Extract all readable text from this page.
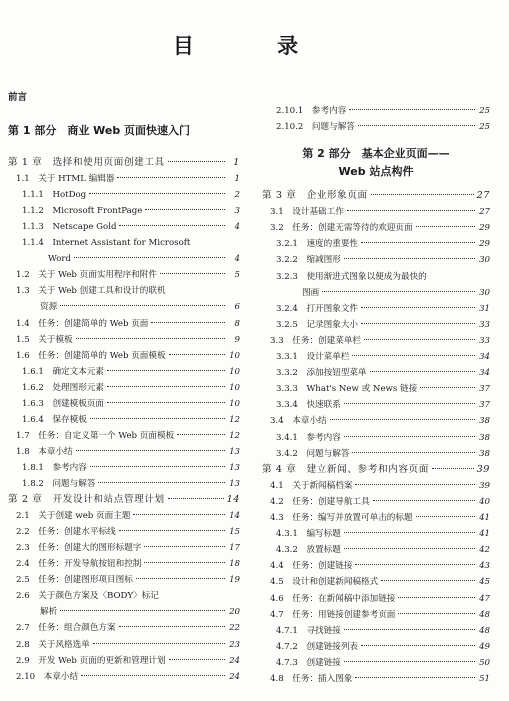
目 录
前言
第 1 部分　商业 Web 页面快速入门
第 1 章　选择和使用页面创建工具	1
1.1　关于 HTML 编辑器	1
1.1.1　HotDog	2
1.1.2　Microsoft FrontPage	3
1.1.3　Netscape Gold	4
1.1.4　Internet Assistant for Microsoft
Word	4
1.2　关于 Web 页面实用程序和附件	5
1.3　关于 Web 创建工具和设计的联机
资源	6
1.4　任务：创建简单的 Web 页面	8
1.5　关于模板	9
1.6　任务：创建简单的 Web 页面模板	10
1.6.1　确定文本元素	10
1.6.2　处理图形元素	10
1.6.3　创建模板页面	10
1.6.4　保存模板	12
1.7　任务：自定义第一个 Web 页面模板	12
1.8　本章小结	13
1.8.1　参考内容	13
1.8.2　问题与解答	13
第 2 章　开发设计和站点管理计划	14
2.1　关于创建 web 页面主题	14
2.2　任务：创建水平标线	15
2.3　任务：创建大的图形标题字	17
2.4　任务：开发导航按钮和控制	18
2.5　任务：创建图形项目图标	19
2.6　关于颜色方案及〈BODY〉标记
解析	20
2.7　任务：组合颜色方案	22
2.8　关于风格选单	23
2.9　开发 Web 页面的更新和管理计划	24
2.10　本章小结	24
第 2 部分　基本企业页面——
Web 站点构件
2.10.1　参考内容	25
2.10.2　问题与解答	25
第 3 章　企业形象页面	27
3.1　设计基础工作	27
3.2　任务：创建无需等待的欢迎页面	29
3.2.1　速度的重要性	29
3.2.2　缩减图形	30
3.2.3　使用渐进式图象以便成为最快的
图画	30
3.2.4　打开图象文件	31
3.2.5　记录图象大小	33
3.3　任务：创建菜单栏	33
3.3.1　设计菜单栏	34
3.3.2　添加按钮型菜单	34
3.3.3　What's New 或 News 链接	37
3.3.4　快速联系	37
3.4　本章小结	38
3.4.1　参考内容	38
3.4.2　问题与解答	38
第 4 章　建立新闻、参考和内容页面	39
4.1　关于新闻稿档案	39
4.2　任务：创建导航工具	40
4.3　任务：编写并放置可单击的标题	41
4.3.1　编写标题	41
4.3.2　放置标题	42
4.4　任务：创建链接	43
4.5　设计和创建新闻稿格式	45
4.6　任务：在新闻稿中添加链接	47
4.7　任务：用链接创建参考页面	48
4.7.1　寻找链接	48
4.7.2　创建链接列表	49
4.7.3　创建链接	50
4.8　任务：插入图象	51
